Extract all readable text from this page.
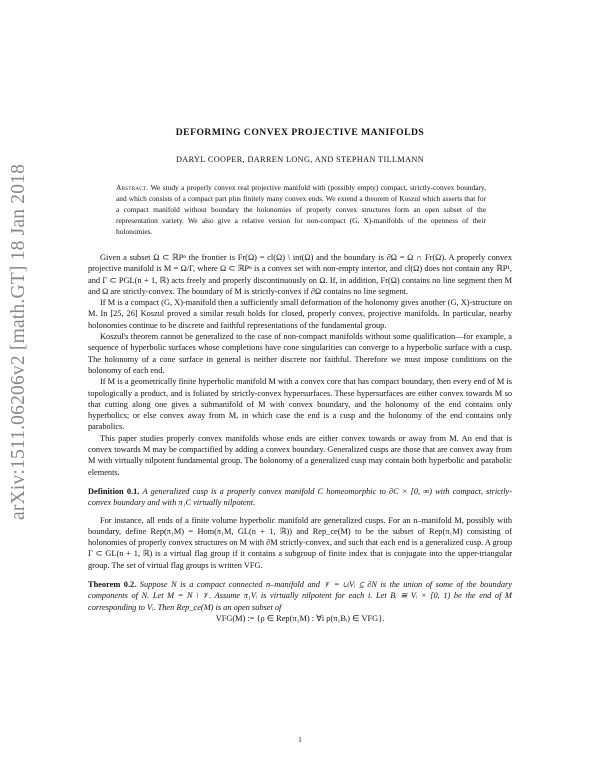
arXiv:1511.06206v2 [math.GT] 18 Jan 2018
DEFORMING CONVEX PROJECTIVE MANIFOLDS
DARYL COOPER, DARREN LONG, AND STEPHAN TILLMANN
Abstract. We study a properly convex real projective manifold with (possibly empty) compact, strictly-convex boundary, and which consists of a compact part plus finitely many convex ends. We extend a theorem of Koszul which asserts that for a compact manifold without boundary the holonomies of properly convex structures form an open subset of the representation variety. We also give a relative version for non-compact (G, X)-manifolds of the openness of their holonomies.

Given a subset Ω ⊂ ℝPⁿ the frontier is Fr(Ω) = cl(Ω) \ int(Ω) and the boundary is ∂Ω = Ω ∩ Fr(Ω). A properly convex projective manifold is M = Ω/Γ, where Ω ⊂ ℝPⁿ is a convex set with non-empty interior, and cl(Ω) does not contain any ℝP¹, and Γ ⊂ PGL(n + 1, ℝ) acts freely and properly discontinuously on Ω. If, in addition, Fr(Ω) contains no line segment then M and Ω are strictly-convex. The boundary of M is strictly-convex if ∂Ω contains no line segment.

If M is a compact (G, X)-manifold then a sufficiently small deformation of the holonomy gives another (G, X)-structure on M. In [25, 26] Koszul proved a similar result holds for closed, properly convex, projective manifolds. In particular, nearby holonomies continue to be discrete and faithful representations of the fundamental group.

Koszul's theorem cannot be generalized to the case of non-compact manifolds without some qualification—for example, a sequence of hyperbolic surfaces whose completions have cone singularities can converge to a hyperbolic surface with a cusp. The holonomy of a cone surface in general is neither discrete nor faithful. Therefore we must impose conditions on the holonomy of each end.

If M is a geometrically finite hyperbolic manifold M with a convex core that has compact boundary, then every end of M is topologically a product, and is foliated by strictly-convex hypersurfaces. These hypersurfaces are either convex towards M so that cutting along one gives a submanifold of M with convex boundary, and the holonomy of the end contains only hyperbolics; or else convex away from M, in which case the end is a cusp and the holonomy of the end contains only parabolics.

This paper studies properly convex manifolds whose ends are either convex towards or away from M. An end that is convex towards M may be compactified by adding a convex boundary. Generalized cusps are those that are convex away from M with virtually nilpotent fundamental group. The holonomy of a generalized cusp may contain both hyperbolic and parabolic elements.

Definition 0.1. A generalized cusp is a properly convex manifold C homeomorphic to ∂C × [0, ∞) with compact, strictly-convex boundary and with π₁C virtually nilpotent.

For instance, all ends of a finite volume hyperbolic manifold are generalized cusps. For an n–manifold M, possibly with boundary, define Rep(π₁M) = Hom(π₁M, GL(n + 1, ℝ)) and Rep_ce(M) to be the subset of Rep(π₁M) consisting of holonomies of properly convex structures on M with ∂M strictly-convex, and such that each end is a generalized cusp. A group Γ ⊂ GL(n + 1, ℝ) is a virtual flag group if it contains a subgroup of finite index that is conjugate into the upper-triangular group. The set of virtual flag groups is written VFG.

Theorem 0.2. Suppose N is a compact connected n–manifold and 𝒱 = ∪ᵢVᵢ ⊆ ∂N is the union of some of the boundary components of N. Let M = N \ 𝒱. Assume π₁Vᵢ is virtually nilpotent for each i. Let Bᵢ ≅ Vᵢ × [0, 1) be the end of M corresponding to Vᵢ. Then Rep_ce(M) is an open subset of

VFG(M) := {ρ ∈ Rep(π₁M) : ∀i ρ(π₁Bᵢ) ∈ VFG}.

1
